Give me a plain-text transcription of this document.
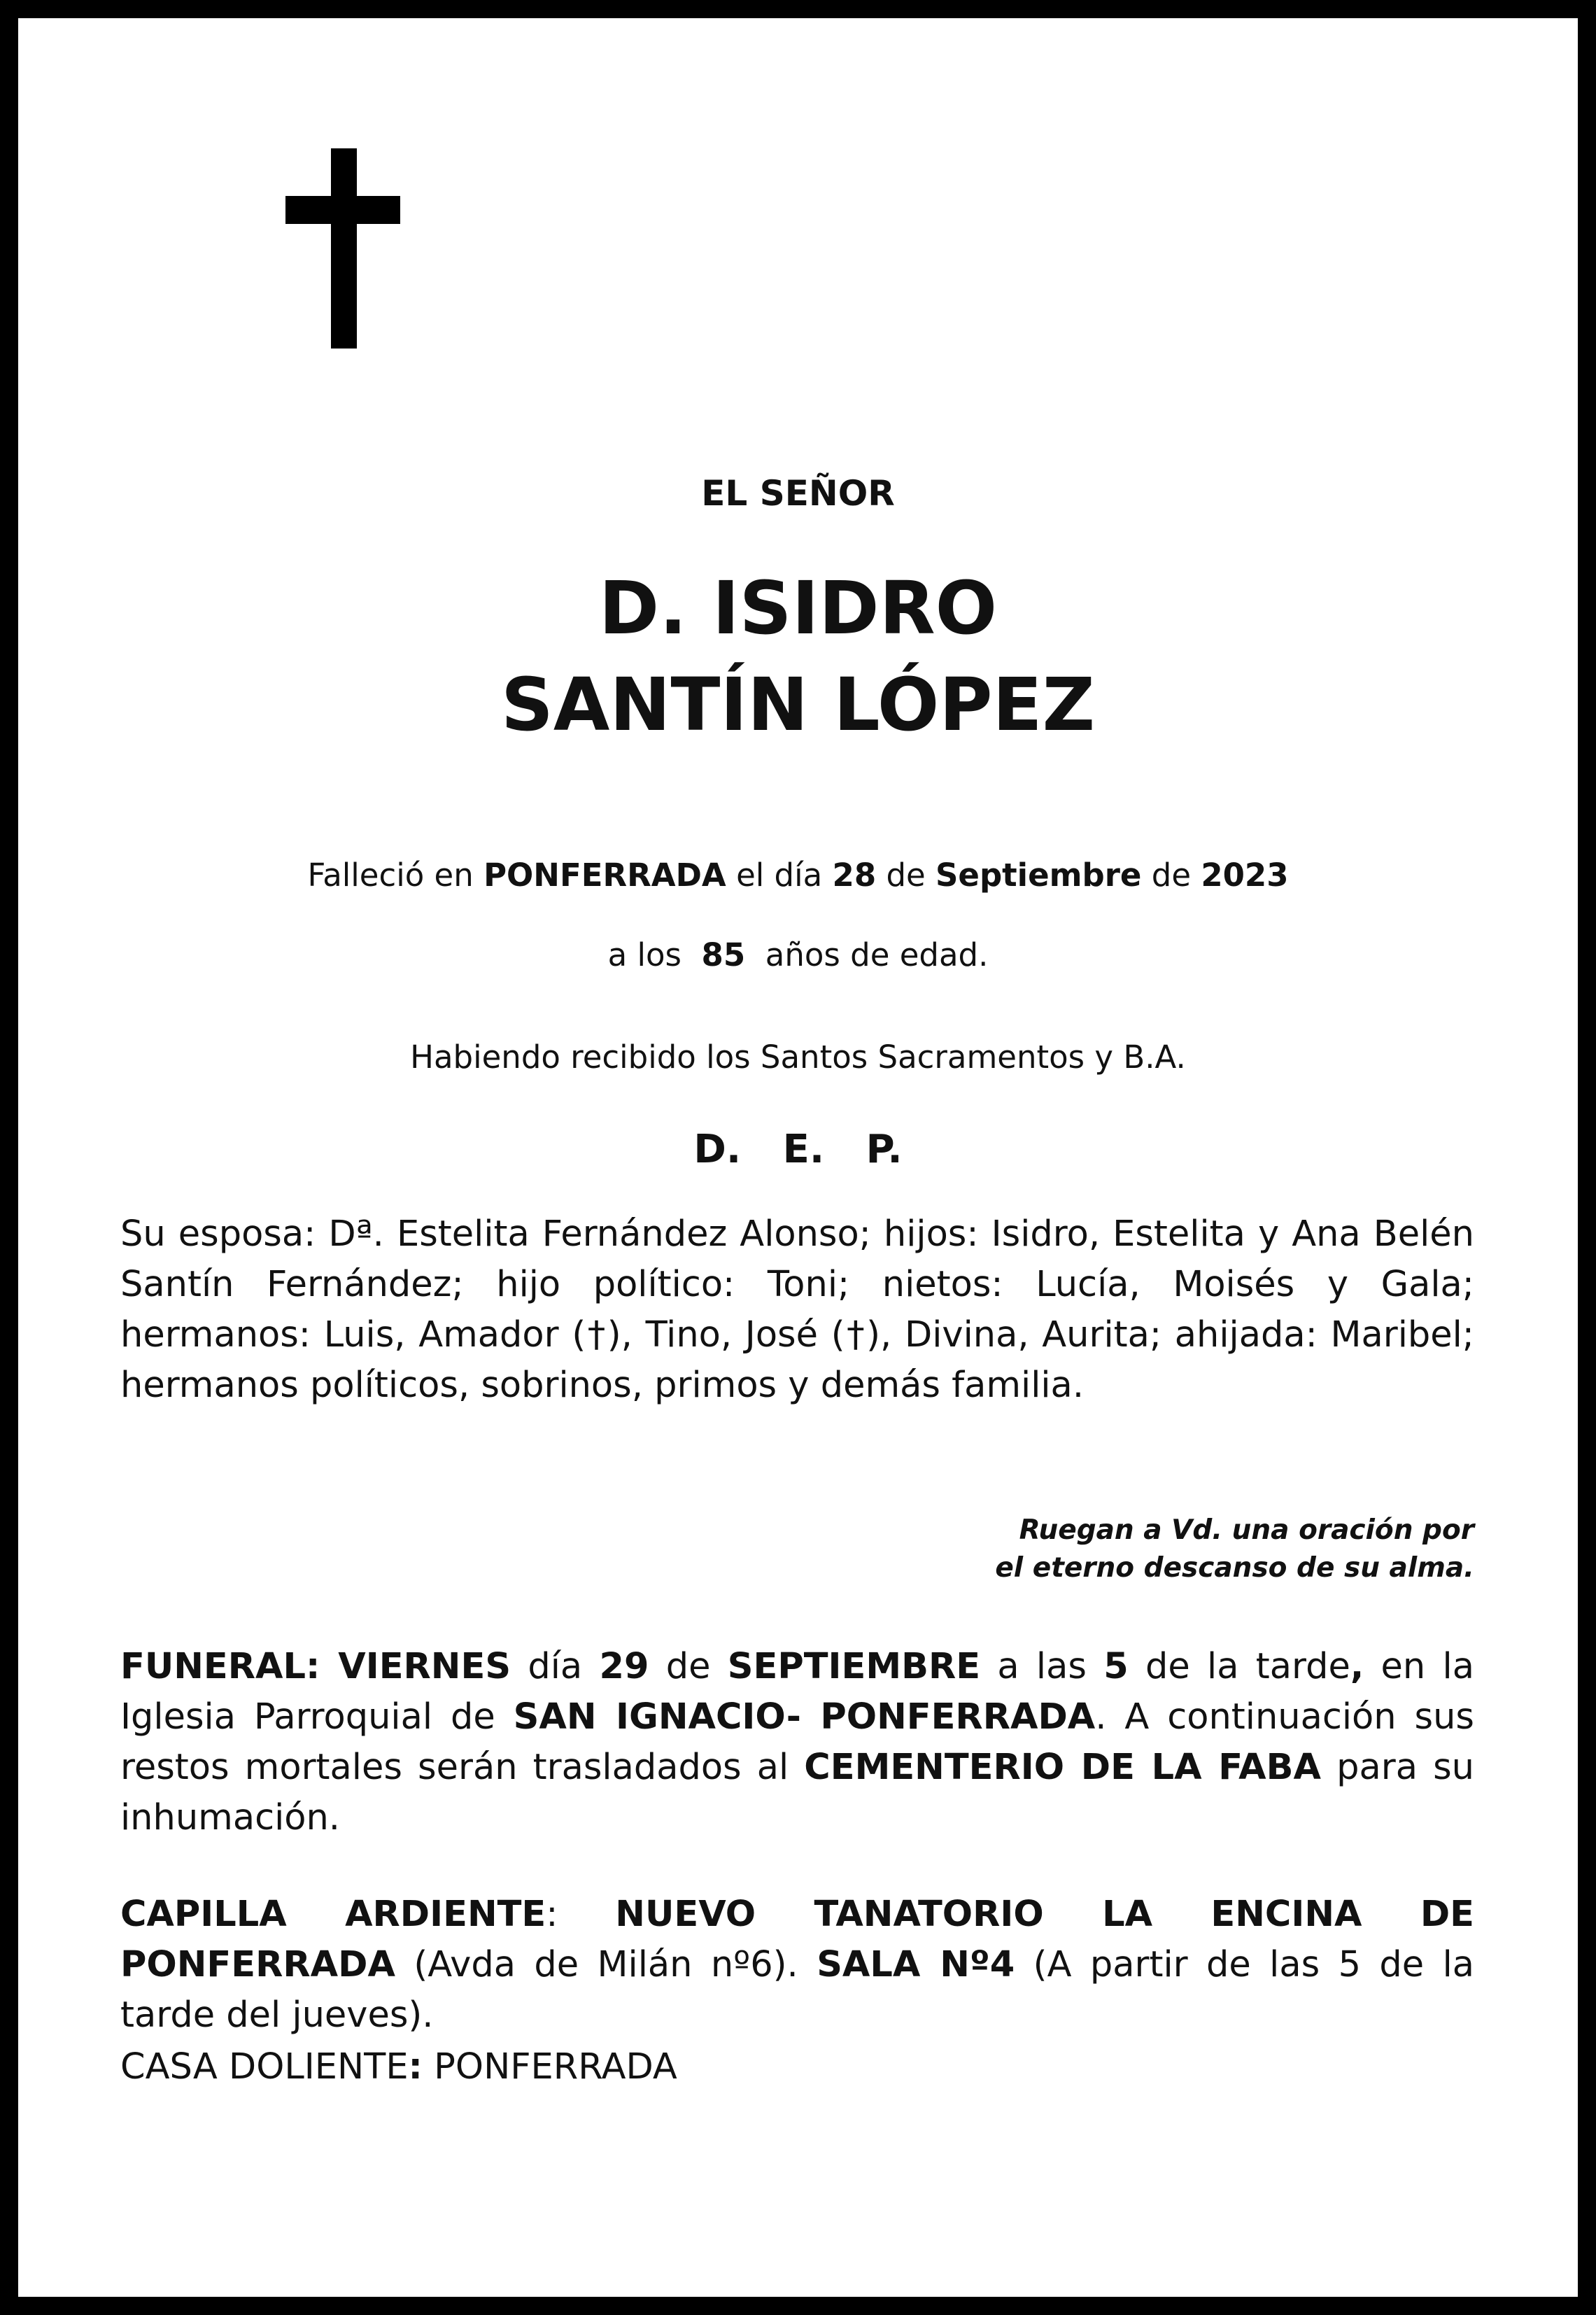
EL SEÑOR
D. ISIDRO
SANTÍN LÓPEZ
Falleció en PONFERRADA el día 28 de Septiembre de 2023
a los 85 años de edad.
Habiendo recibido los Santos Sacramentos y B.A.
D. E. P.
Su esposa: Dª. Estelita Fernández Alonso; hijos: Isidro, Estelita y Ana Belén Santín Fernández; hijo político: Toni; nietos: Lucía, Moisés y Gala; hermanos: Luis, Amador (†), Tino, José (†), Divina, Aurita; ahijada: Maribel; hermanos políticos, sobrinos, primos y demás familia.
Ruegan a Vd. una oración por
el eterno descanso de su alma.
FUNERAL: VIERNES día 29 de SEPTIEMBRE a las 5 de la tarde, en la Iglesia Parroquial de SAN IGNACIO- PONFERRADA. A continuación sus restos mortales serán trasladados al CEMENTERIO DE LA FABA para su inhumación.
CAPILLA ARDIENTE: NUEVO TANATORIO LA ENCINA DE PONFERRADA (Avda de Milán nº6). SALA Nº4 (A partir de las 5 de la tarde del jueves).
CASA DOLIENTE: PONFERRADA
